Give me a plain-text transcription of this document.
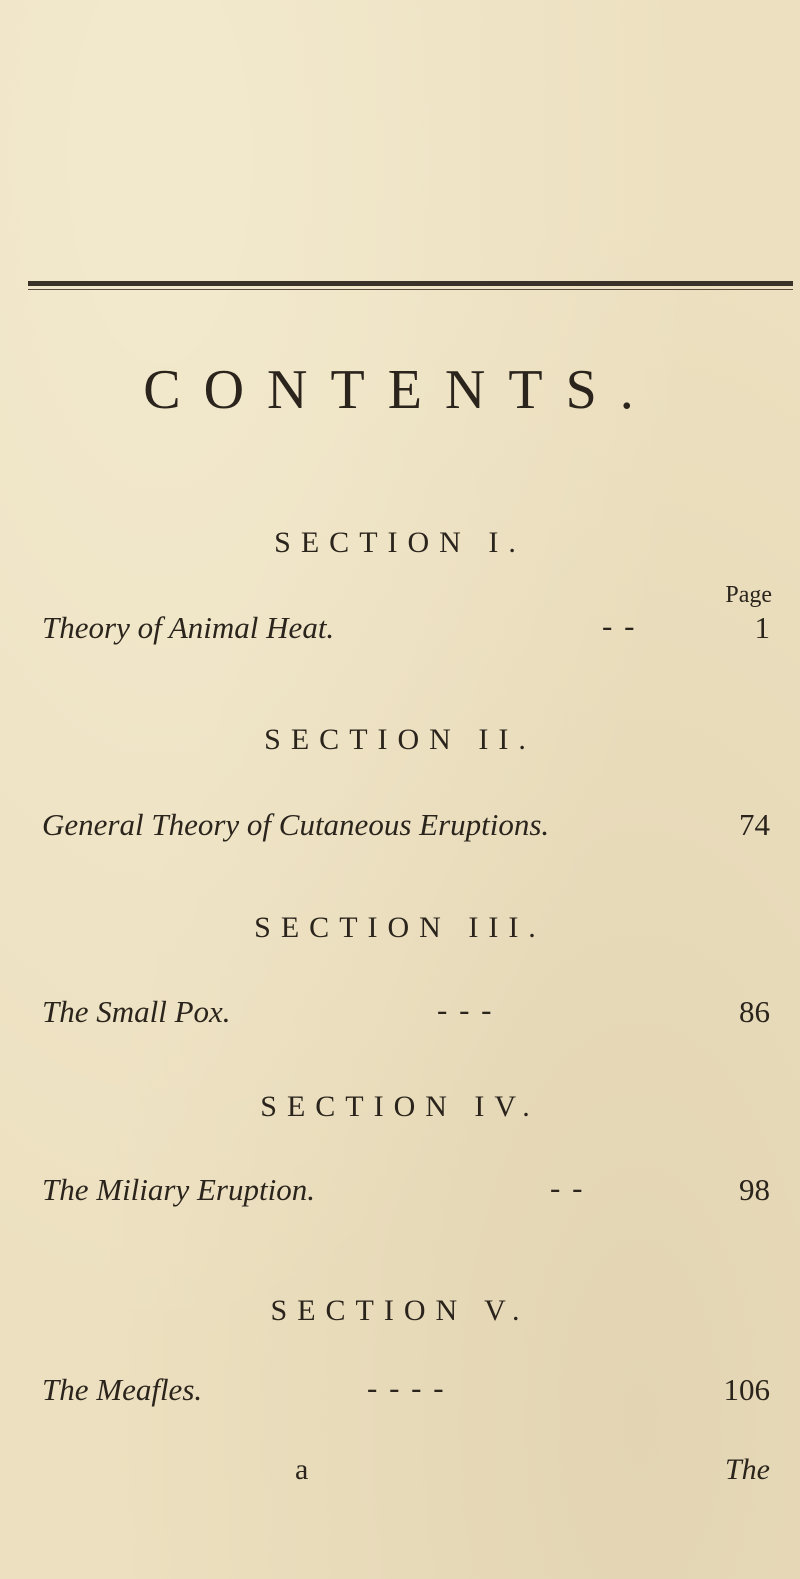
CONTENTS.
SECTION I.
Page
Theory of Animal Heat.	- -	1
SECTION II.
General Theory of Cutaneous Eruptions.	74
SECTION III.
The Small Pox.	- - -	86
SECTION IV.
The Miliary Eruption.	- -	98
SECTION V.
The Meafles.	- - - -	106
a	The
